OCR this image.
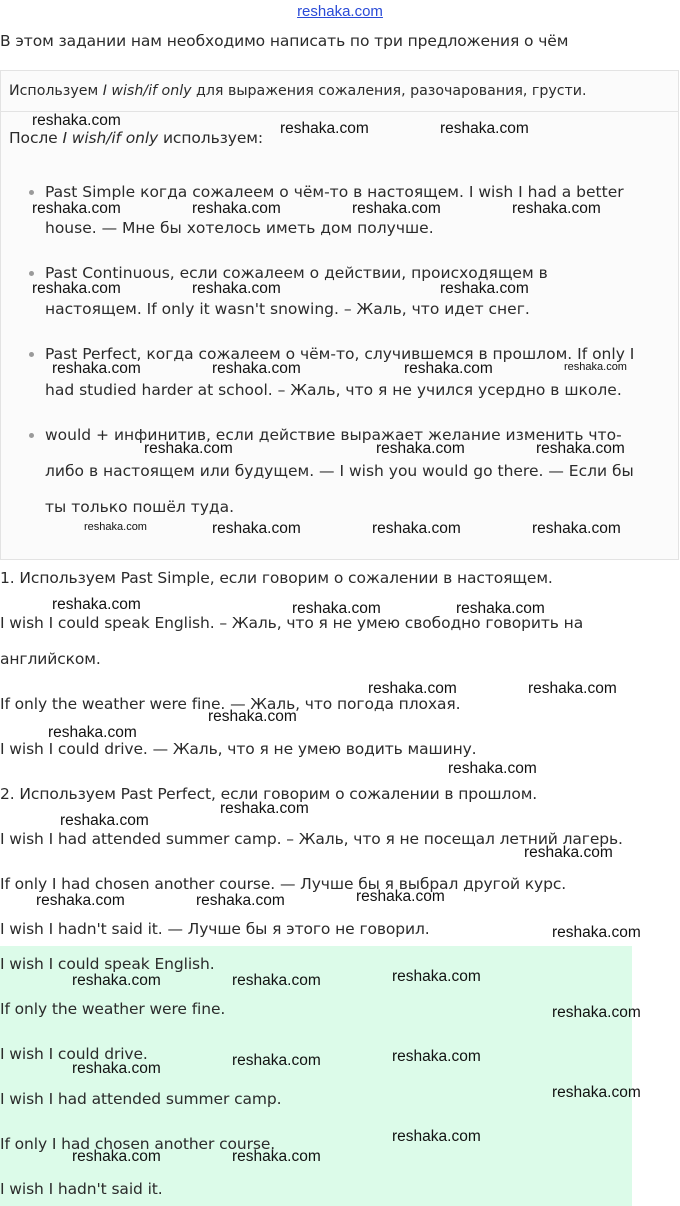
reshaka.com
В этом задании нам необходимо написать по три предложения о чём
Используем I wish/if only для выражения сожаления, разочарования, грусти.
После I wish/if only используем:
Past Simple когда сожалеем о чём-то в настоящем. I wish I had a better
house. — Мне бы хотелось иметь дом получше.
Past Continuous, если сожалеем о действии, происходящем в
настоящем. If only it wasn't snowing. – Жаль, что идет снег.
Past Perfect, когда сожалеем о чём-то, случившемся в прошлом. If only I
had studied harder at school. – Жаль, что я не учился усердно в школе.
would + инфинитив, если действие выражает желание изменить что-
либо в настоящем или будущем. — I wish you would go there. — Если бы
ты только пошёл туда.
1. Используем Past Simple, если говорим о сожалении в настоящем.
I wish I could speak English. – Жаль, что я не умею свободно говорить на
английском.
If only the weather were fine. — Жаль, что погода плохая.
I wish I could drive. — Жаль, что я не умею водить машину.
2. Используем Past Perfect, если говорим о сожалении в прошлом.
I wish I had attended summer camp. – Жаль, что я не посещал летний лагерь.
If only I had chosen another course. — Лучше бы я выбрал другой курс.
I wish I hadn't said it. — Лучше бы я этого не говорил.
I wish I could speak English.
If only the weather were fine.
I wish I could drive.
I wish I had attended summer camp.
If only I had chosen another course.
I wish I hadn't said it.
reshaka.com	reshaka.com
reshaka.com
reshaka.com	reshaka.com	reshaka.com	reshaka.com
reshaka.com	reshaka.com	reshaka.com
reshaka.com	reshaka.com	reshaka.com	reshaka.com
reshaka.com	reshaka.com	reshaka.com
reshaka.com	reshaka.com	reshaka.com	reshaka.com
reshaka.com	reshaka.com	reshaka.com
reshaka.com	reshaka.com
reshaka.com
reshaka.com
reshaka.com
reshaka.com
reshaka.com
reshaka.com
reshaka.com
reshaka.com	reshaka.com
reshaka.com
reshaka.com
reshaka.com	reshaka.com
reshaka.com
reshaka.com
reshaka.com
reshaka.com
reshaka.com
reshaka.com
reshaka.com	reshaka.com
